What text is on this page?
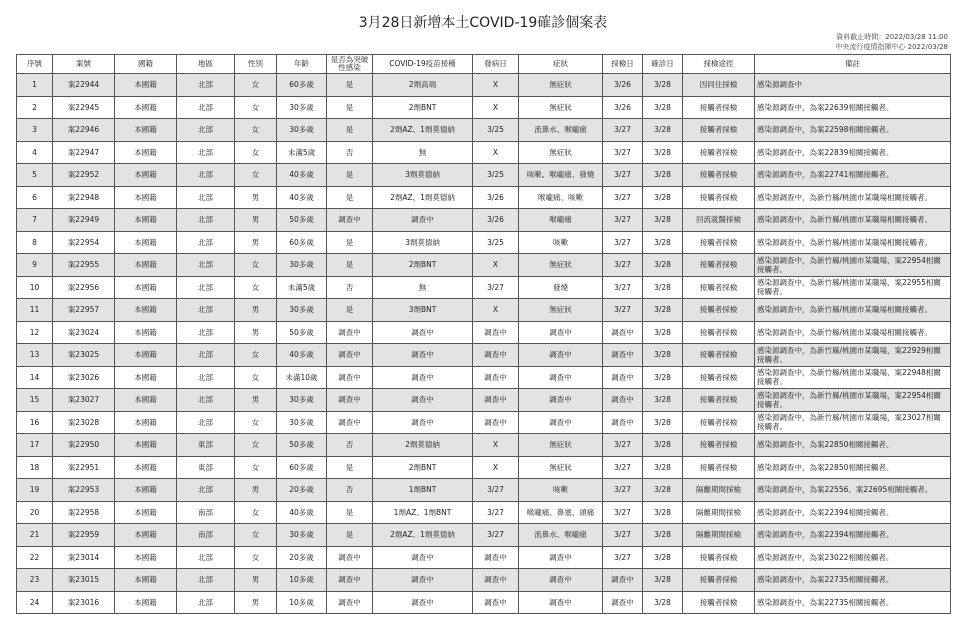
3月28日新增本土COVID-19確診個案表
資料截止時間：2022/03/28 11:00
中央流行疫情指揮中心 2022/03/28
序號	案號	國籍	地區	性別	年齡	是否為突破性感染	COVID-19疫苗接種	發病日	症狀	採檢日	確診日	採檢途徑	備註
1	案22944	本國籍	北部	女	60多歲	是	2劑高端	X	無症狀	3/26	3/28	因同住採檢	感染源調查中
2	案22945	本國籍	北部	女	30多歲	是	2劑BNT	X	無症狀	3/26	3/28	接觸者採檢	感染源調查中，為案22639相關接觸者。
3	案22946	本國籍	北部	女	30多歲	是	2劑AZ、1劑莫德納	3/25	流鼻水、喉嚨痛	3/27	3/28	接觸者採檢	感染源調查中，為案22598相關接觸者。
4	案22947	本國籍	北部	女	未滿5歲	否	無	X	無症狀	3/27	3/28	接觸者採檢	感染源調查中，為案22839相關接觸者。
5	案22952	本國籍	北部	女	40多歲	是	3劑莫德納	3/25	咳嗽、喉嚨痛、發燒	3/27	3/28	接觸者採檢	感染源調查中，為案22741相關接觸者。
6	案22948	本國籍	北部	男	40多歲	是	2劑AZ、1劑莫德納	3/26	喉嚨痛、咳嗽	3/27	3/28	接觸者採檢	感染源調查中，為新竹縣/桃園市某職場相關接觸者。
7	案22949	本國籍	北部	男	50多歲	調查中	調查中	3/26	喉嚨痛	3/27	3/28	回流就醫採檢	感染源調查中，為新竹縣/桃園市某職場相關接觸者。
8	案22954	本國籍	北部	男	60多歲	是	3劑莫德納	3/25	咳嗽	3/27	3/28	接觸者採檢	感染源調查中，為新竹縣/桃園市某職場相關接觸者。
9	案22955	本國籍	北部	女	30多歲	是	2劑BNT	X	無症狀	3/27	3/28	接觸者採檢	感染源調查中，為新竹縣/桃園市某職場，案22954相關接觸者。
10	案22956	本國籍	北部	女	未滿5歲	否	無	3/27	發燒	3/27	3/28	接觸者採檢	感染源調查中，為新竹縣/桃園市某職場，案22955相關接觸者。
11	案22957	本國籍	北部	男	30多歲	是	3劑BNT	X	無症狀	3/27	3/28	接觸者採檢	感染源調查中，為新竹縣/桃園市某職場相關接觸者。
12	案23024	本國籍	北部	男	50多歲	調查中	調查中	調查中	調查中	調查中	3/28	接觸者採檢	感染源調查中，為新竹縣/桃園市某職場相關接觸者。
13	案23025	本國籍	北部	女	40多歲	調查中	調查中	調查中	調查中	調查中	3/28	接觸者採檢	感染源調查中，為新竹縣/桃園市某職場，案22929相關接觸者。
14	案23026	本國籍	北部	女	未滿10歲	調查中	調查中	調查中	調查中	調查中	3/28	接觸者採檢	感染源調查中，為新竹縣/桃園市某職場，案22948相關接觸者。
15	案23027	本國籍	北部	男	30多歲	調查中	調查中	調查中	調查中	調查中	3/28	接觸者採檢	感染源調查中，為新竹縣/桃園市某職場，案22954相關接觸者。
16	案23028	本國籍	北部	女	30多歲	調查中	調查中	調查中	調查中	調查中	3/28	接觸者採檢	感染源調查中，為新竹縣/桃園市某職場，案23027相關接觸者。
17	案22950	本國籍	東部	女	50多歲	否	2劑莫德納	X	無症狀	3/27	3/28	接觸者採檢	感染源調查中，為案22850相關接觸者。
18	案22951	本國籍	東部	女	60多歲	是	2劑BNT	X	無症狀	3/27	3/28	接觸者採檢	感染源調查中，為案22850相關接觸者。
19	案22953	本國籍	北部	男	20多歲	否	1劑BNT	3/27	咳嗽	3/27	3/28	隔離期間採檢	感染源調查中，為案22556、案22695相關接觸者。
20	案22958	本國籍	南部	女	40多歲	是	1劑AZ、1劑BNT	3/27	喉嚨痛、鼻塞、頭痛	3/27	3/28	隔離期間採檢	感染源調查中，為案22394相關接觸者。
21	案22959	本國籍	南部	女	30多歲	是	2劑AZ、1劑莫德納	3/27	流鼻水、喉嚨痛	3/27	3/28	隔離期間採檢	感染源調查中，為案22394相關接觸者。
22	案23014	本國籍	北部	女	20多歲	調查中	調查中	調查中	調查中	3/27	3/28	接觸者採檢	感染源調查中，為案23022相關接觸者。
23	案23015	本國籍	北部	男	10多歲	調查中	調查中	調查中	調查中	調查中	3/28	接觸者採檢	感染源調查中，為案22735相關接觸者。
24	案23016	本國籍	北部	男	10多歲	調查中	調查中	調查中	調查中	調查中	3/28	接觸者採檢	感染源調查中，為案22735相關接觸者。
